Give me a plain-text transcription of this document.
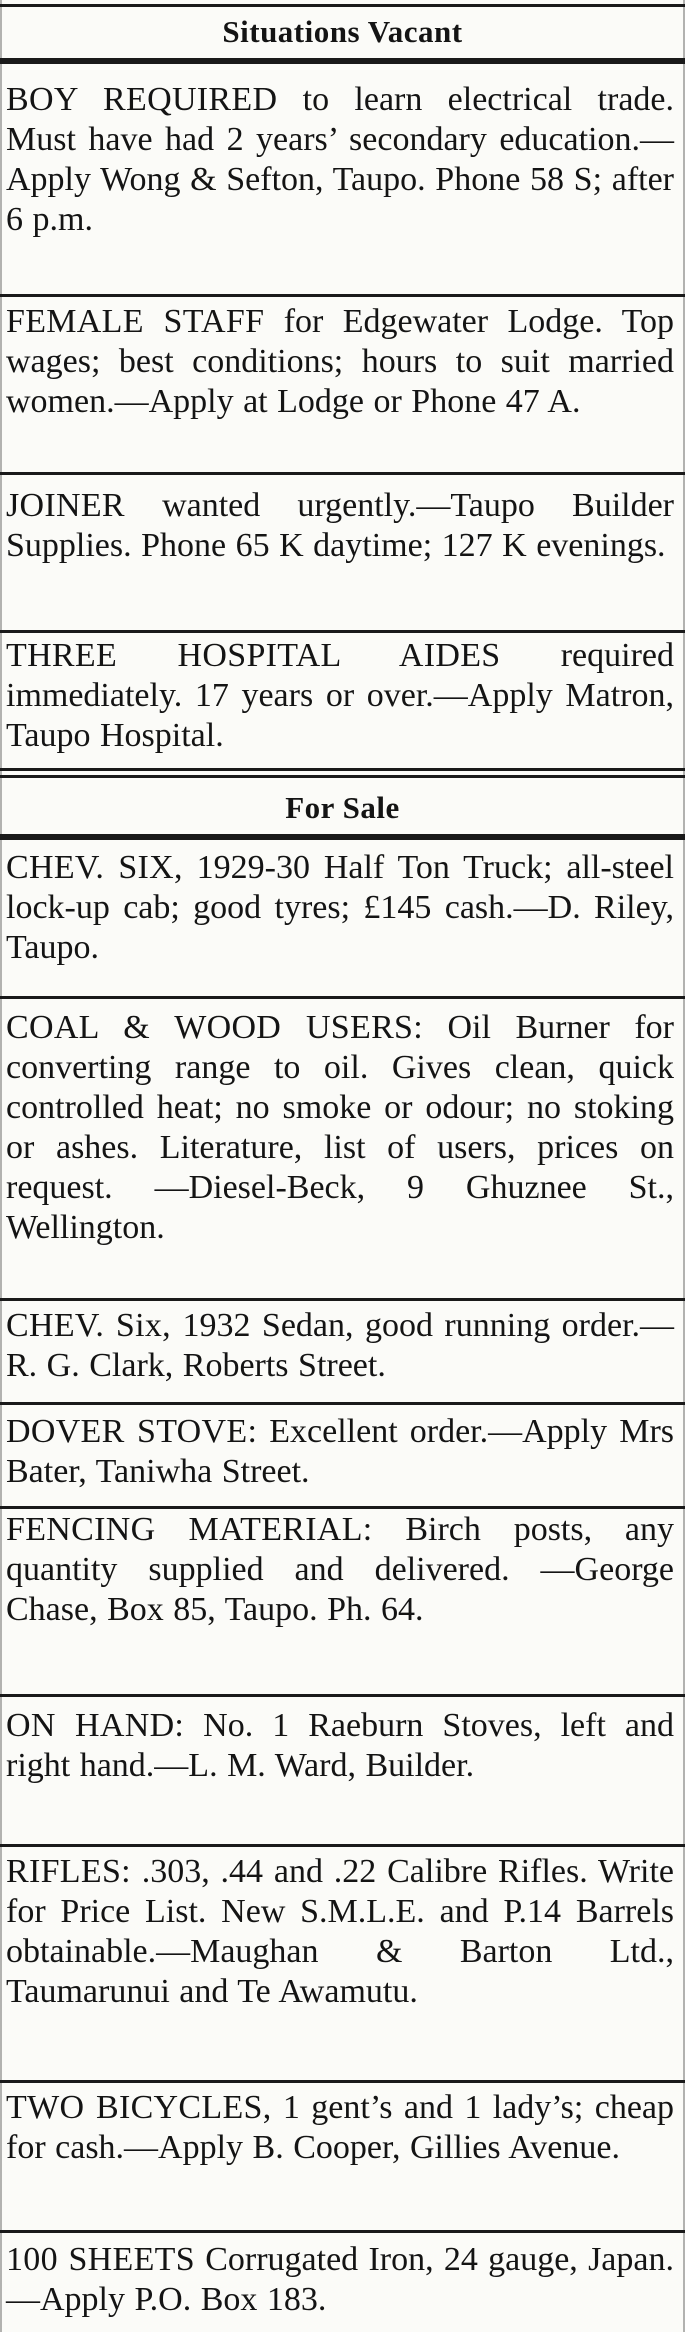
Situations Vacant
BOY REQUIRED to learn electrical trade. Must have had 2 years’ secondary education.—Apply Wong & Sefton, Taupo. Phone 58 S; after 6 p.m.
FEMALE STAFF for Edgewater Lodge. Top wages; best conditions; hours to suit married women.—Apply at Lodge or Phone 47 A.
JOINER wanted urgently.—Taupo Builder Supplies. Phone 65 K daytime; 127 K evenings.
THREE HOSPITAL AIDES required immediately. 17 years or over.—Apply Matron, Taupo Hospital.
For Sale
CHEV. SIX, 1929-30 Half Ton Truck; all-steel lock-up cab; good tyres; £145 cash.—D. Riley, Taupo.
COAL & WOOD USERS: Oil Burner for converting range to oil. Gives clean, quick controlled heat; no smoke or odour; no stoking or ashes. Literature, list of users, prices on request. —Diesel-Beck, 9 Ghuznee St., Wellington.
CHEV. Six, 1932 Sedan, good running order.—R. G. Clark, Roberts Street.
DOVER STOVE: Excellent order.—Apply Mrs Bater, Taniwha Street.
FENCING MATERIAL: Birch posts, any quantity supplied and delivered. —George Chase, Box 85, Taupo. Ph. 64.
ON HAND: No. 1 Raeburn Stoves, left and right hand.—L. M. Ward, Builder.
RIFLES: .303, .44 and .22 Calibre Rifles. Write for Price List. New S.M.L.E. and P.14 Barrels obtainable.—Maughan & Barton Ltd., Taumarunui and Te Awamutu.
TWO BICYCLES, 1 gent’s and 1 lady’s; cheap for cash.—Apply B. Cooper, Gillies Avenue.
100 SHEETS Corrugated Iron, 24 gauge, Japan.—Apply P.O. Box 183.
